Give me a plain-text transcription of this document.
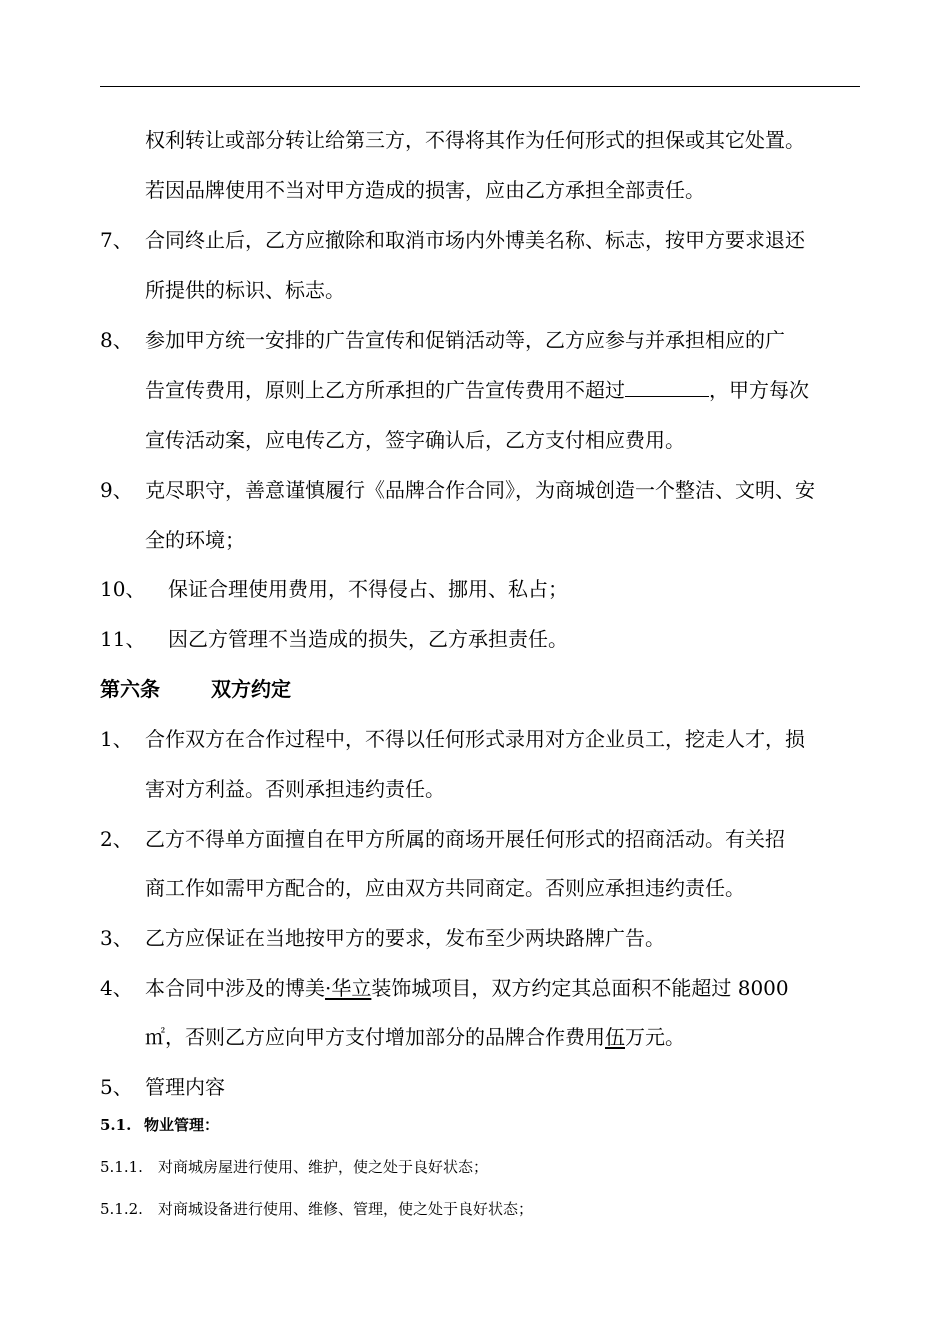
权利转让或部分转让给第三方，不得将其作为任何形式的担保或其它处置。
若因品牌使用不当对甲方造成的损害，应由乙方承担全部责任。
7、 合同终止后，乙方应撤除和取消市场内外博美名称、标志，按甲方要求退还
所提供的标识、标志。
8、 参加甲方统一安排的广告宣传和促销活动等，乙方应参与并承担相应的广
告宣传费用，原则上乙方所承担的广告宣传费用不超过	，甲方每次
宣传活动案，应电传乙方，签字确认后，乙方支付相应费用。
9、 克尽职守，善意谨慎履行《品牌合作合同》，为商城创造一个整洁、文明、安
全的环境；
10、 保证合理使用费用，不得侵占、挪用、私占；
11、 因乙方管理不当造成的损失，乙方承担责任。
第六条	双方约定
1、 合作双方在合作过程中，不得以任何形式录用对方企业员工，挖走人才，损
害对方利益。否则承担违约责任。
2、 乙方不得单方面擅自在甲方所属的商场开展任何形式的招商活动。有关招
商工作如需甲方配合的，应由双方共同商定。否则应承担违约责任。
3、 乙方应保证在当地按甲方的要求，发布至少两块路牌广告。
4、 本合同中涉及的博美·华立装饰城项目，双方约定其总面积不能超过 8000
㎡，否则乙方应向甲方支付增加部分的品牌合作费用伍万元。
5、 管理内容
5.1. 物业管理：
5.1.1. 对商城房屋进行使用、维护，使之处于良好状态；
5.1.2. 对商城设备进行使用、维修、管理，使之处于良好状态；
